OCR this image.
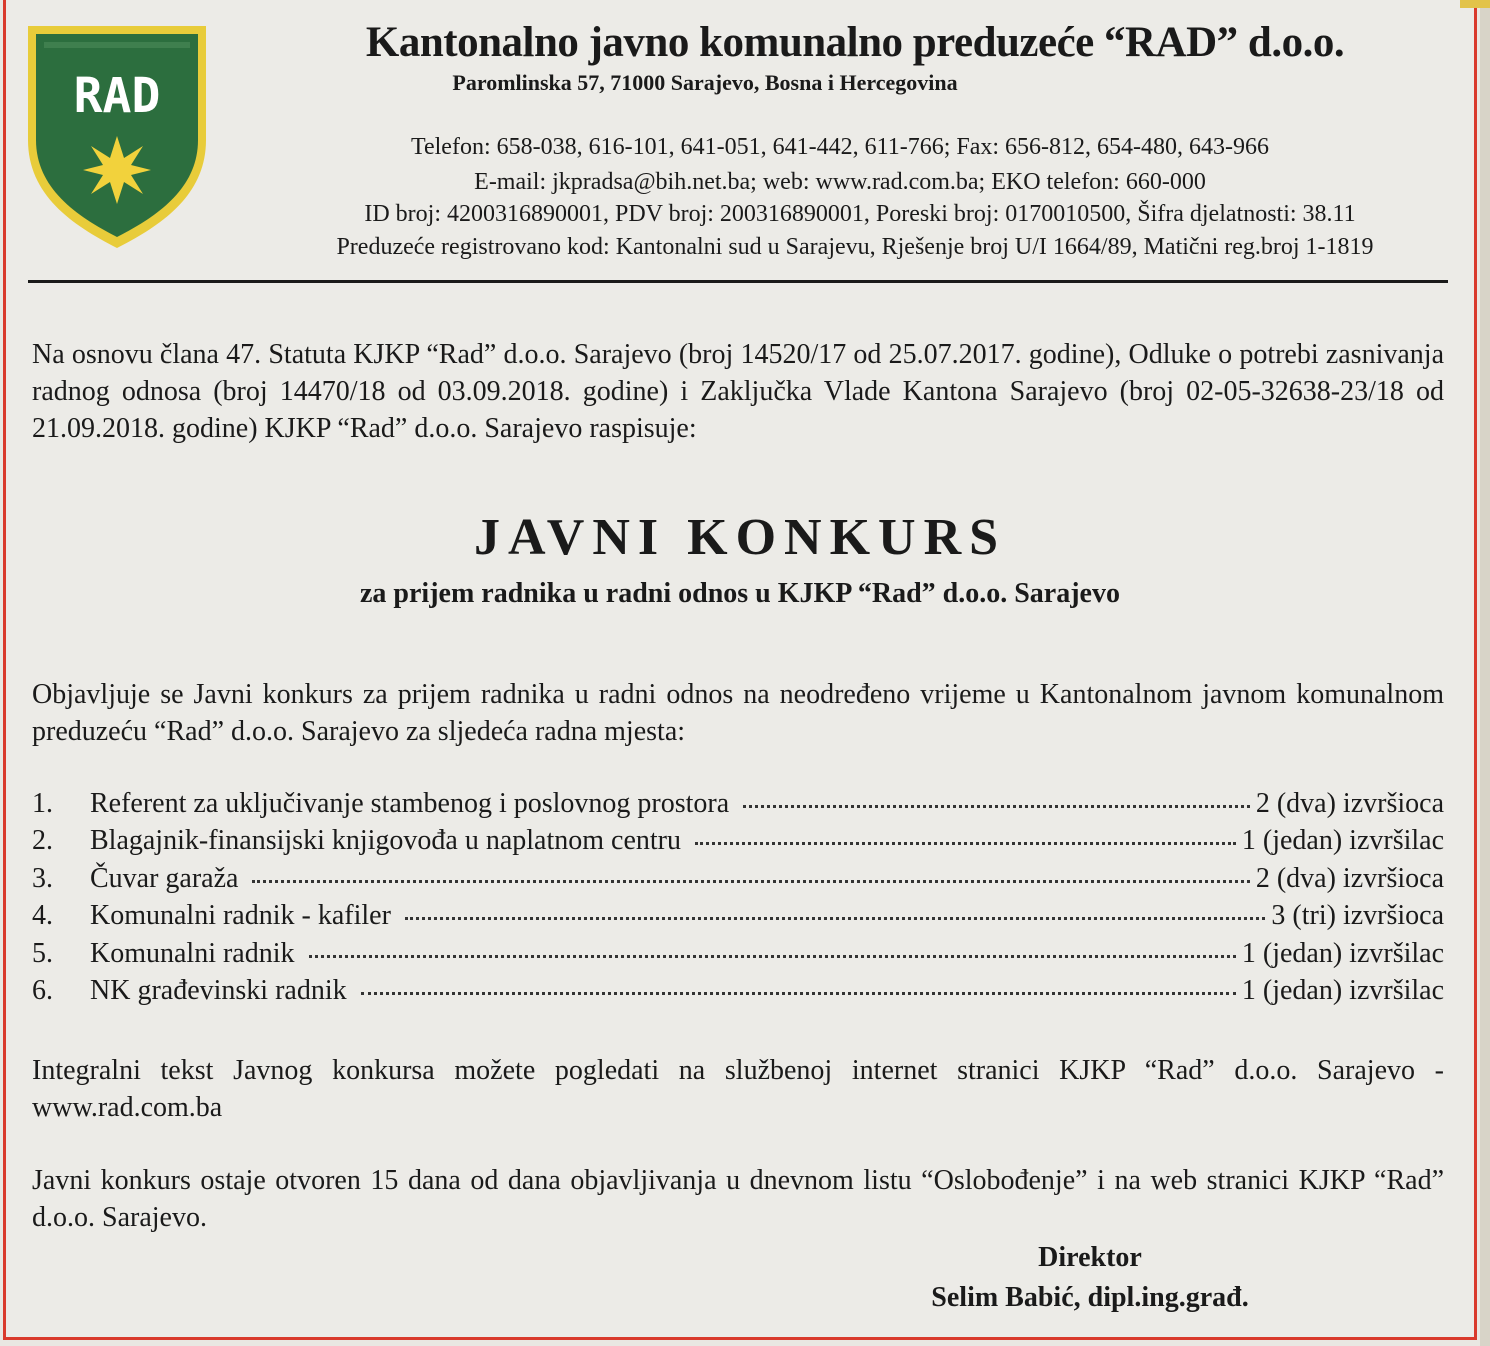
RAD
Kantonalno javno komunalno preduzeće “RAD” d.o.o.
Paromlinska 57, 71000 Sarajevo, Bosna i Hercegovina
Telefon: 658-038, 616-101, 641-051, 641-442, 611-766; Fax: 656-812, 654-480, 643-966
E-mail: jkpradsa@bih.net.ba; web: www.rad.com.ba; EKO telefon: 660-000
ID broj: 4200316890001, PDV broj: 200316890001, Poreski broj: 0170010500, Šifra djelatnosti: 38.11
Preduzeće registrovano kod: Kantonalni sud u Sarajevu, Rješenje broj U/I 1664/89, Matični reg.broj 1-1819
Na osnovu člana 47. Statuta KJKP “Rad” d.o.o. Sarajevo (broj 14520/17 od 25.07.2017. godine), Odluke o potrebi zasnivanja radnog odnosa (broj 14470/18 od 03.09.2018. godine) i Zaključka Vlade Kantona Sarajevo (broj 02-05-32638-23/18 od 21.09.2018. godine) KJKP “Rad” d.o.o. Sarajevo raspisuje:
JAVNI KONKURS
za prijem radnika u radni odnos u KJKP “Rad” d.o.o. Sarajevo
Objavljuje se Javni konkurs za prijem radnika u radni odnos na neodređeno vrijeme u Kantonalnom javnom komunalnom preduzeću “Rad” d.o.o. Sarajevo za sljedeća radna mjesta:
1.	Referent za uključivanje stambenog i poslovnog prostora	2 (dva) izvršioca
2.	Blagajnik-finansijski knjigovođa u naplatnom centru	1 (jedan) izvršilac
3.	Čuvar garaža	2 (dva) izvršioca
4.	Komunalni radnik - kafiler	3 (tri) izvršioca
5.	Komunalni radnik	1 (jedan) izvršilac
6.	NK građevinski radnik	1 (jedan) izvršilac
Integralni tekst Javnog konkursa možete pogledati na službenoj internet stranici KJKP “Rad” d.o.o. Sarajevo - www.rad.com.ba
Javni konkurs ostaje otvoren 15 dana od dana objavljivanja u dnevnom listu “Oslobođenje” i na web stranici KJKP “Rad” d.o.o. Sarajevo.
Direktor
Selim Babić, dipl.ing.građ.
